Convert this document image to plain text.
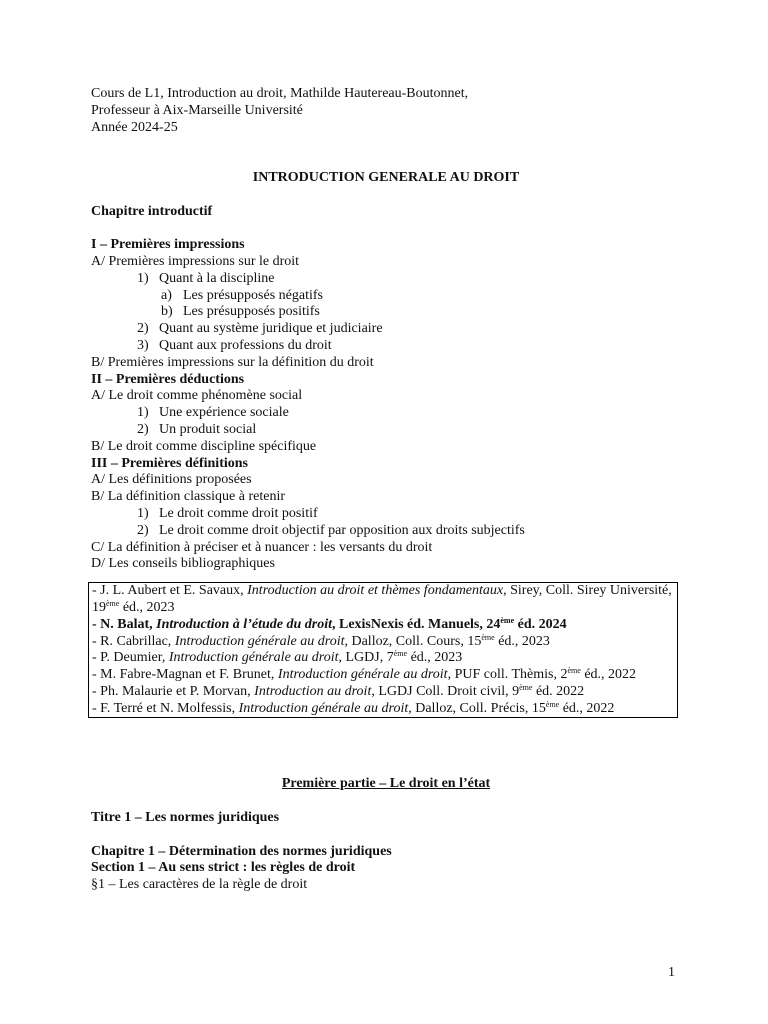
Cours de L1, Introduction au droit, Mathilde Hautereau-Boutonnet,
Professeur à Aix-Marseille Université
Année 2024-25
INTRODUCTION GENERALE AU DROIT
Chapitre introductif
I – Premières impressions
A/ Premières impressions sur le droit
1) Quant à la discipline
a) Les présupposés négatifs
b) Les présupposés positifs
2) Quant au système juridique et judiciaire
3) Quant aux professions du droit
B/ Premières impressions sur la définition du droit
II – Premières déductions
A/ Le droit comme phénomène social
1) Une expérience sociale
2) Un produit social
B/ Le droit comme discipline spécifique
III – Premières définitions
A/ Les définitions proposées
B/ La définition classique à retenir
1) Le droit comme droit positif
2) Le droit comme droit objectif par opposition aux droits subjectifs
C/ La définition à préciser et à nuancer : les versants du droit
D/ Les conseils bibliographiques
- J. L. Aubert et E. Savaux, Introduction au droit et thèmes fondamentaux, Sirey, Coll. Sirey Université, 19ème éd., 2023
- N. Balat, Introduction à l’étude du droit, LexisNexis éd. Manuels, 24ème éd. 2024
- R. Cabrillac, Introduction générale au droit, Dalloz, Coll. Cours, 15ème éd., 2023
- P. Deumier, Introduction générale au droit, LGDJ, 7ème éd., 2023
- M. Fabre-Magnan et F. Brunet, Introduction générale au droit, PUF coll. Thèmis, 2ème éd., 2022
- Ph. Malaurie et P. Morvan, Introduction au droit, LGDJ Coll. Droit civil, 9ème éd. 2022
- F. Terré et N. Molfessis, Introduction générale au droit, Dalloz, Coll. Précis, 15ème éd., 2022
Première partie – Le droit en l’état
Titre 1 – Les normes juridiques
Chapitre 1 – Détermination des normes juridiques
Section 1 – Au sens strict : les règles de droit
§1 – Les caractères de la règle de droit
1
